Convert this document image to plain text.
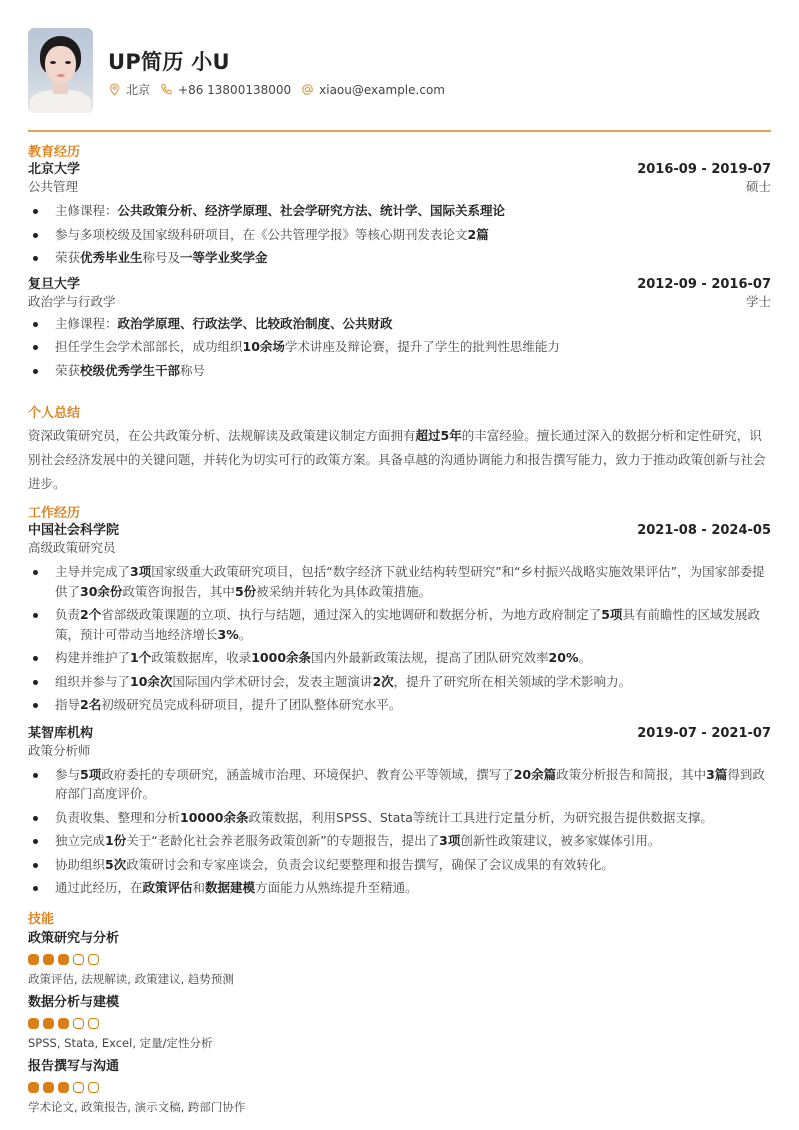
UP简历 小U
北京 +86 13800138000 xiaou@example.com
教育经历
北京大学	2016-09 - 2019-07
公共管理	硕士
主修课程：公共政策分析、经济学原理、社会学研究方法、统计学、国际关系理论
参与多项校级及国家级科研项目，在《公共管理学报》等核心期刊发表论文2篇
荣获优秀毕业生称号及一等学业奖学金
复旦大学	2012-09 - 2016-07
政治学与行政学	学士
主修课程：政治学原理、行政法学、比较政治制度、公共财政
担任学生会学术部部长，成功组织10余场学术讲座及辩论赛，提升了学生的批判性思维能力
荣获校级优秀学生干部称号
个人总结
资深政策研究员，在公共政策分析、法规解读及政策建议制定方面拥有超过5年的丰富经验。擅长通过深入的数据分析和定性研究，识别社会经济发展中的关键问题，并转化为切实可行的政策方案。具备卓越的沟通协调能力和报告撰写能力，致力于推动政策创新与社会进步。
工作经历
中国社会科学院	2021-08 - 2024-05
高级政策研究员
主导并完成了3项国家级重大政策研究项目，包括“数字经济下就业结构转型研究”和“乡村振兴战略实施效果评估”，为国家部委提供了30余份政策咨询报告，其中5份被采纳并转化为具体政策措施。
负责2个省部级政策课题的立项、执行与结题，通过深入的实地调研和数据分析，为地方政府制定了5项具有前瞻性的区域发展政策，预计可带动当地经济增长3%。
构建并维护了1个政策数据库，收录1000余条国内外最新政策法规，提高了团队研究效率20%。
组织并参与了10余次国际国内学术研讨会，发表主题演讲2次，提升了研究所在相关领域的学术影响力。
指导2名初级研究员完成科研项目，提升了团队整体研究水平。
某智库机构	2019-07 - 2021-07
政策分析师
参与5项政府委托的专项研究，涵盖城市治理、环境保护、教育公平等领域，撰写了20余篇政策分析报告和简报，其中3篇得到政府部门高度评价。
负责收集、整理和分析10000余条政策数据，利用SPSS、Stata等统计工具进行定量分析，为研究报告提供数据支撑。
独立完成1份关于“老龄化社会养老服务政策创新”的专题报告，提出了3项创新性政策建议，被多家媒体引用。
协助组织5次政策研讨会和专家座谈会，负责会议纪要整理和报告撰写，确保了会议成果的有效转化。
通过此经历，在政策评估和数据建模方面能力从熟练提升至精通。
技能
政策研究与分析
政策评估, 法规解读, 政策建议, 趋势预测
数据分析与建模
SPSS, Stata, Excel, 定量/定性分析
报告撰写与沟通
学术论文, 政策报告, 演示文稿, 跨部门协作
